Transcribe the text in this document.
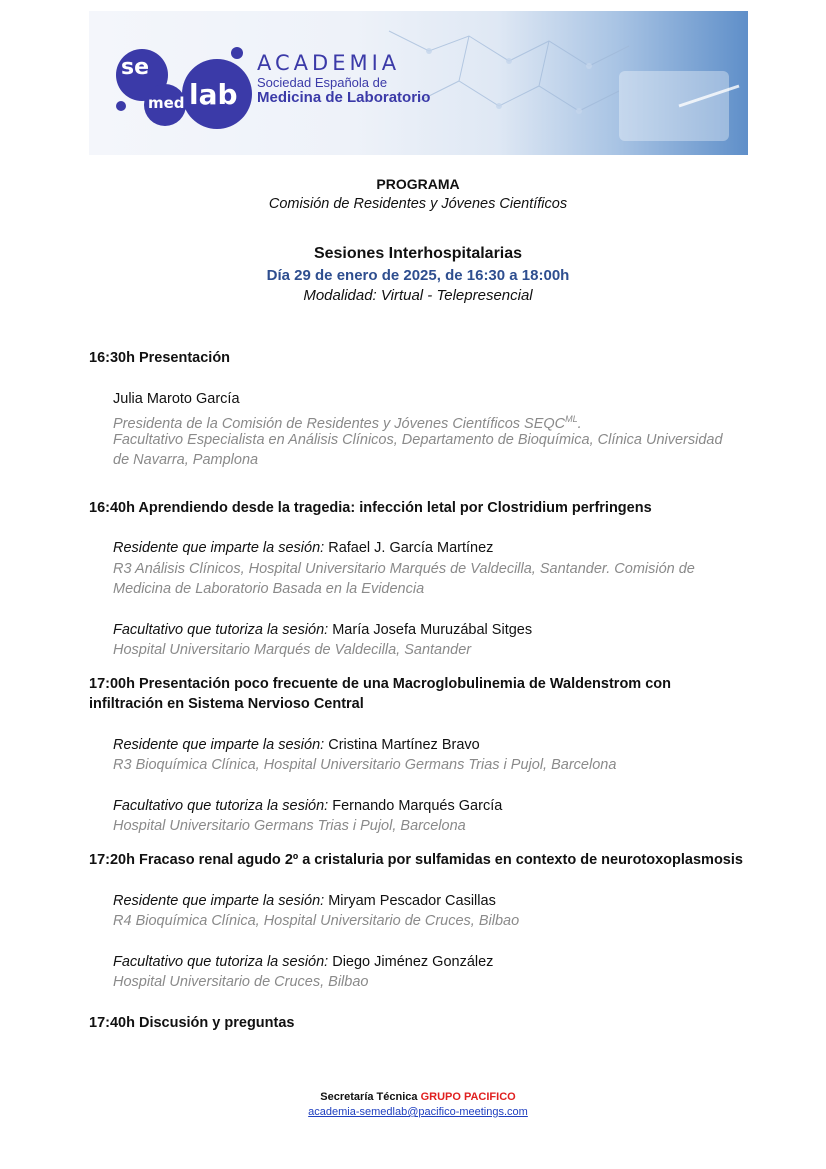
se
med lab
ACADEMIA
Sociedad Española de
Medicina de Laboratorio
PROGRAMA
Comisión de Residentes y Jóvenes Científicos
Sesiones Interhospitalarias
Día 29 de enero de 2025, de 16:30 a 18:00h
Modalidad: Virtual - Telepresencial
16:30h Presentación
Julia Maroto García
Presidenta de la Comisión de Residentes y Jóvenes Científicos $SEQC^{ML}$.
Facultativo Especialista en Análisis Clínicos, Departamento de Bioquímica, Clínica Universidad
de Navarra, Pamplona
16:40h Aprendiendo desde la tragedia: infección letal por Clostridium perfringens
Residente que imparte la sesión: Rafael J. García Martínez
R3 Análisis Clínicos, Hospital Universitario Marqués de Valdecilla, Santander. Comisión de
Medicina de Laboratorio Basada en la Evidencia
Facultativo que tutoriza la sesión: María Josefa Muruzábal Sitges
Hospital Universitario Marqués de Valdecilla, Santander
17:00h Presentación poco frecuente de una Macroglobulinemia de Waldenstrom con
infiltración en Sistema Nervioso Central
Residente que imparte la sesión: Cristina Martínez Bravo
R3 Bioquímica Clínica, Hospital Universitario Germans Trias i Pujol, Barcelona
Facultativo que tutoriza la sesión: Fernando Marqués García
Hospital Universitario Germans Trias i Pujol, Barcelona
17:20h Fracaso renal agudo 2º a cristaluria por sulfamidas en contexto de neurotoxoplasmosis
Residente que imparte la sesión: Miryam Pescador Casillas
R4 Bioquímica Clínica, Hospital Universitario de Cruces, Bilbao
Facultativo que tutoriza la sesión: Diego Jiménez González
Hospital Universitario de Cruces, Bilbao
17:40h Discusión y preguntas
Secretaría Técnica GRUPO PACIFICO
academia-semedlab@pacifico-meetings.com
